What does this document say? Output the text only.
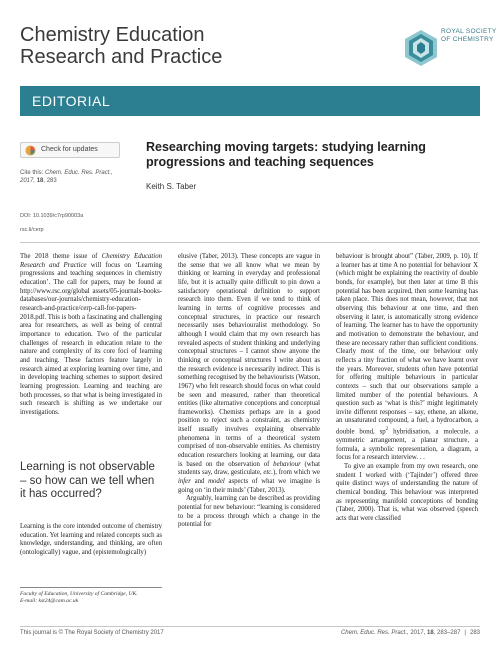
Chemistry Education
Research and Practice
ROYAL SOCIETY
OF CHEMISTRY
EDITORIAL
Check for updates
Cite this: Chem. Educ. Res. Pract.,
2017, 18, 283
Researching moving targets: studying learning progressions and teaching sequences
Keith S. Taber
DOI: 10.1039/c7rp90003a
rsc.li/cerp

The 2018 theme issue of Chemistry Education Research and Practice will focus on ‘Learning progressions and teaching sequences in chemistry education’. The call for papers, may be found at http://www.rsc.org/global assets/05-journals-books-databases/our-journals/chemistry-education-research-and-practice/cerp-call-for-papers-2018.pdf. This is both a fascinating and challenging area for researchers, as well as being of central importance to education. Two of the particular challenges of research in education relate to the nature and complexity of its core foci of learning and teaching. These factors feature largely in research aimed at exploring learning over time, and in developing teaching schemes to support desired learning progression. Learning and teaching are both processes, so that what is being investigated in such research is shifting as we undertake our investigations.

Learning is not observable – so how can we tell when it has occurred?

Learning is the core intended outcome of chemistry education. Yet learning and related concepts such as knowledge, understanding, and thinking, are often (ontologically) vague, and (epistemologically)

Faculty of Education, University of Cambridge, UK.
E-mail: kst24@cam.ac.uk

elusive (Taber, 2013). These concepts are vague in the sense that we all know what we mean by thinking or learning in everyday and professional life, but it is actually quite difficult to pin down a satisfactory operational definition to support research into them. Even if we tend to think of learning in terms of cognitive processes and conceptual structures, in practice our research necessarily uses behaviouralist methodology. So although I would claim that my own research has revealed aspects of student thinking and underlying conceptual structures – I cannot show anyone the thinking or conceptual structures I write about as the research evidence is necessarily indirect. This is something recognised by the behaviourists (Watson, 1967) who felt research should focus on what could be seen and measured, rather than theoretical entities (like alternative conceptions and conceptual frameworks). Chemists perhaps are in a good position to reject such a constraint, as chemistry itself usually involves explaining observable phenomena in terms of a theoretical system comprised of non-observable entities. As chemistry education researchers looking at learning, our data is based on the observation of behaviour (what students say, draw, gesticulate, etc.), from which we infer and model aspects of what we imagine is going on ‘in their minds’ (Taber, 2013).

Arguably, learning can be described as providing potential for new behaviour: “learning is considered to be a process through which a change in the potential for

behaviour is brought about” (Taber, 2009, p. 10). If a learner has at time A no potential for behaviour X (which might be explaining the reactivity of double bonds, for example), but then later at time B this potential has been acquired, then some learning has taken place. This does not mean, however, that not observing this behaviour at one time, and then observing it later, is automatically strong evidence of learning. The learner has to have the opportunity and motivation to demonstrate the behaviour, and these are necessary rather than sufficient conditions. Clearly most of the time, our behaviour only reflects a tiny fraction of what we have learnt over the years. Moreover, students often have potential for offering multiple behaviours in particular contexts – such that our observations sample a limited number of the potential behaviours. A question such as ‘what is this?’ might legitimately invite different responses – say, ethene, an alkene, an unsaturated compound, a fuel, a hydrocarbon, a double bond, $sp^2$ hybridisation, a molecule, a symmetric arrangement, a planar structure, a formula, a symbolic representation, a diagram, a focus for a research interview. . .

To give an example from my own research, one student I worked with (‘Tajinder’) offered three quite distinct ways of understanding the nature of chemical bonding. This behaviour was interpreted as representing manifold conceptions of bonding (Taber, 2000). That is, what was observed (speech acts that were classified

This journal is © The Royal Society of Chemistry 2017	Chem. Educ. Res. Pract., 2017, 18, 283–287 | 283
